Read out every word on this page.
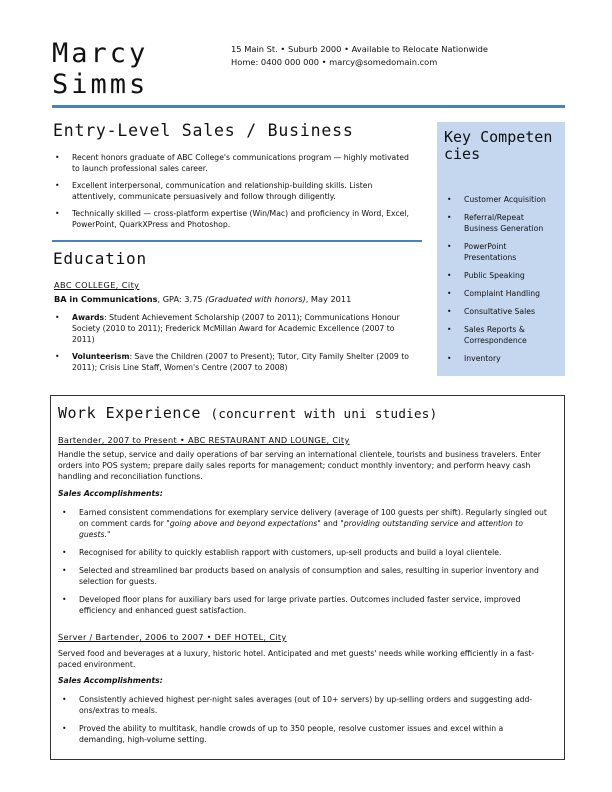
Marcy
Simms
15 Main St. • Suburb 2000 • Available to Relocate Nationwide
Home: 0400 000 000 • marcy@somedomain.com
Entry-Level Sales / Business
• Recent honors graduate of ABC College's communications program — highly motivated to launch professional sales career.
• Excellent interpersonal, communication and relationship-building skills. Listen attentively, communicate persuasively and follow through diligently.
• Technically skilled — cross-platform expertise (Win/Mac) and proficiency in Word, Excel, PowerPoint, QuarkXPress and Photoshop.
Education
ABC COLLEGE, City
BA in Communications, GPA: 3.75 (Graduated with honors), May 2011
• Awards: Student Achievement Scholarship (2007 to 2011); Communications Honour Society (2010 to 2011); Frederick McMillan Award for Academic Excellence (2007 to 2011)
• Volunteerism: Save the Children (2007 to Present); Tutor, City Family Shelter (2009 to 2011); Crisis Line Staff, Women's Centre (2007 to 2008)
Key Competencies
• Customer Acquisition
• Referral/Repeat Business Generation
• PowerPoint Presentations
• Public Speaking
• Complaint Handling
• Consultative Sales
• Sales Reports & Correspondence
• Inventory
Work Experience (concurrent with uni studies)
Bartender, 2007 to Present • ABC RESTAURANT AND LOUNGE, City
Handle the setup, service and daily operations of bar serving an international clientele, tourists and business travelers. Enter orders into POS system; prepare daily sales reports for management; conduct monthly inventory; and perform heavy cash handling and reconciliation functions.
Sales Accomplishments:
• Earned consistent commendations for exemplary service delivery (average of 100 guests per shift). Regularly singled out on comment cards for "going above and beyond expectations" and "providing outstanding service and attention to guests."
• Recognised for ability to quickly establish rapport with customers, up-sell products and build a loyal clientele.
• Selected and streamlined bar products based on analysis of consumption and sales, resulting in superior inventory and selection for guests.
• Developed floor plans for auxiliary bars used for large private parties. Outcomes included faster service, improved efficiency and enhanced guest satisfaction.
Server / Bartender, 2006 to 2007 • DEF HOTEL, City
Served food and beverages at a luxury, historic hotel. Anticipated and met guests' needs while working efficiently in a fast-paced environment.
Sales Accomplishments:
• Consistently achieved highest per-night sales averages (out of 10+ servers) by up-selling orders and suggesting add-ons/extras to meals.
• Proved the ability to multitask, handle crowds of up to 350 people, resolve customer issues and excel within a demanding, high-volume setting.
